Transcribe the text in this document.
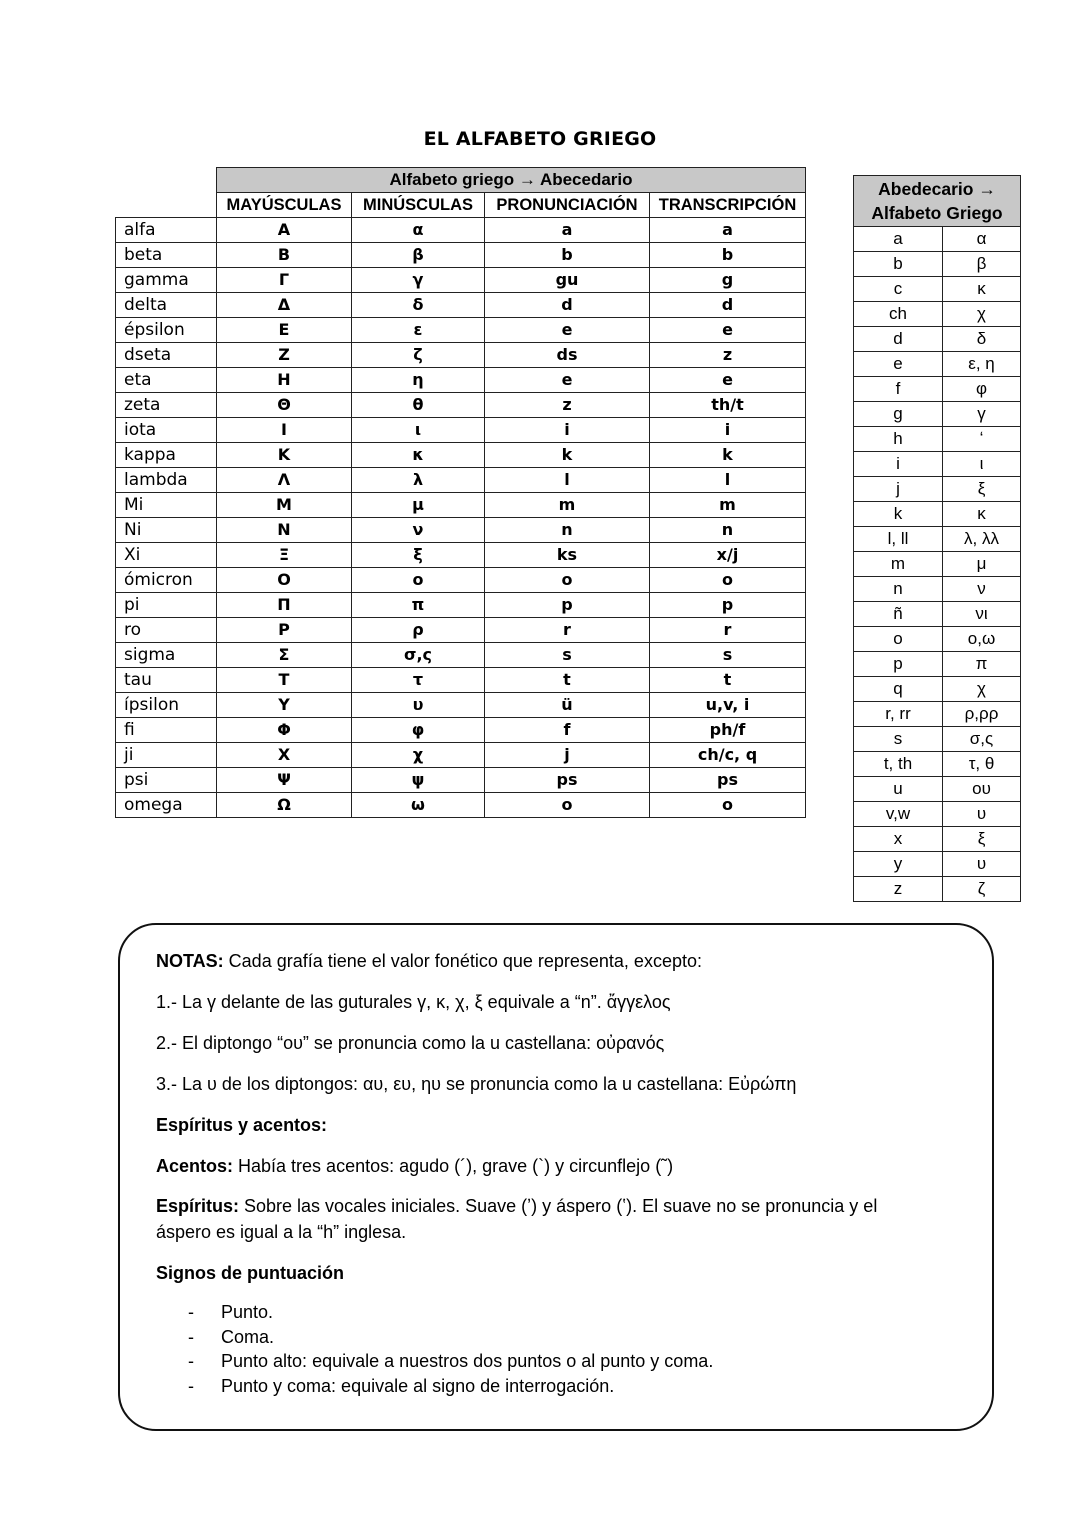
EL ALFABETO GRIEGO
	Alfabeto griego → Abecedario			
	MAYÚSCULAS	MINÚSCULAS	PRONUNCIACIÓN	TRANSCRIPCIÓN
alfa	A	α	a	a
beta	B	β	b	b
gamma	Γ	γ	gu	g
delta	Δ	δ	d	d
épsilon	E	ε	e	e
dseta	Z	ζ	ds	z
eta	H	η	e	e
zeta	Θ	θ	z	th/t
iota	I	ι	i	i
kappa	K	κ	k	k
lambda	Λ	λ	l	l
Mi	M	μ	m	m
Ni	N	ν	n	n
Xi	Ξ	ξ	ks	x/j
ómicron	O	o	o	o
pi	Π	π	p	p
ro	P	ρ	r	r
sigma	Σ	σ,ς	s	s
tau	T	τ	t	t
ípsilon	Y	υ	ü	u,v, i
fi	Φ	φ	f	ph/f
ji	X	χ	j	ch/c, q
psi	Ψ	ψ	ps	ps
omega	Ω	ω	o	o
Abedecario →
Alfabeto Griego	
a	α
b	β
c	κ
ch	χ
d	δ
e	ε, η
f	φ
g	γ
h	ʻ
i	ι
j	ξ
k	κ
l, ll	λ, λλ
m	μ
n	ν
ñ	νι
o	o,ω
p	π
q	χ
r, rr	ρ,ρρ
s	σ,ς
t, th	τ, θ
u	oυ
v,w	υ
x	ξ
y	υ
z	ζ

NOTAS: Cada grafía tiene el valor fonético que representa, excepto:

1.- La γ delante de las guturales γ, κ, χ, ξ equivale a “n”. ἄγγελος

2.- El diptongo “oυ” se pronuncia como la u castellana: oὐρανός

3.- La υ de los diptongos: αυ, ευ, ηυ se pronuncia como la u castellana: Εὐρώπη

Espíritus y acentos:

Acentos: Había tres acentos: agudo (´), grave (`) y circunflejo (˜)

Espíritus: Sobre las vocales iniciales. Suave (ʼ) y áspero (ʽ). El suave no se pronuncia y el áspero es igual a la “h” inglesa.

Signos de puntuación

- Punto.
- Coma.
- Punto alto: equivale a nuestros dos puntos o al punto y coma.
- Punto y coma: equivale al signo de interrogación.
